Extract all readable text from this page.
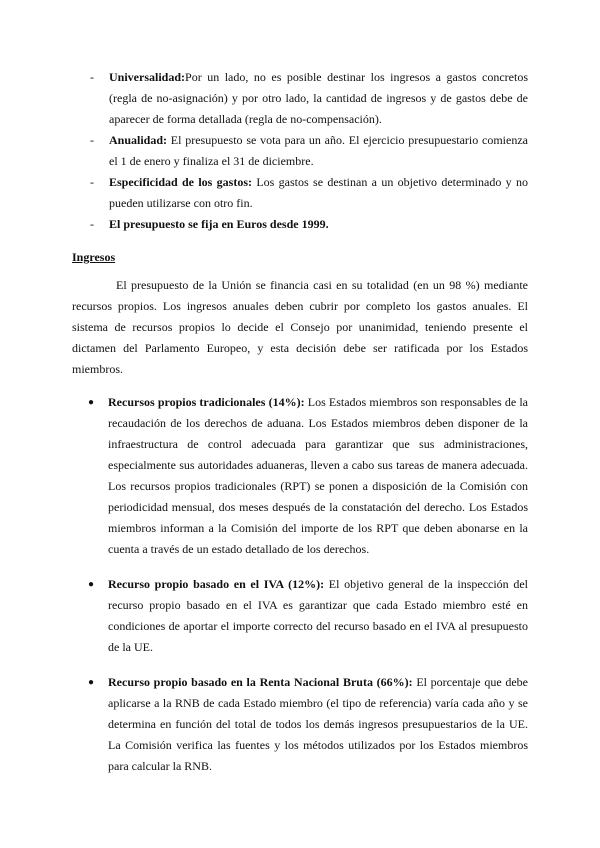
- Universalidad:Por un lado, no es posible destinar los ingresos a gastos concretos (regla de no-asignación) y por otro lado, la cantidad de ingresos y de gastos debe de aparecer de forma detallada (regla de no-compensación).
- Anualidad: El presupuesto se vota para un año. El ejercicio presupuestario comienza el 1 de enero y finaliza el 31 de diciembre.
- Especificidad de los gastos: Los gastos se destinan a un objetivo determinado y no pueden utilizarse con otro fin.
- El presupuesto se fija en Euros desde 1999.
Ingresos
El presupuesto de la Unión se financia casi en su totalidad (en un 98 %) mediante recursos propios. Los ingresos anuales deben cubrir por completo los gastos anuales. El sistema de recursos propios lo decide el Consejo por unanimidad, teniendo presente el dictamen del Parlamento Europeo, y esta decisión debe ser ratificada por los Estados miembros.
● Recursos propios tradicionales (14%): Los Estados miembros son responsables de la recaudación de los derechos de aduana. Los Estados miembros deben disponer de la infraestructura de control adecuada para garantizar que sus administraciones, especialmente sus autoridades aduaneras, lleven a cabo sus tareas de manera adecuada. Los recursos propios tradicionales (RPT) se ponen a disposición de la Comisión con periodicidad mensual, dos meses después de la constatación del derecho. Los Estados miembros informan a la Comisión del importe de los RPT que deben abonarse en la cuenta a través de un estado detallado de los derechos.
● Recurso propio basado en el IVA (12%): El objetivo general de la inspección del recurso propio basado en el IVA es garantizar que cada Estado miembro esté en condiciones de aportar el importe correcto del recurso basado en el IVA al presupuesto de la UE.
● Recurso propio basado en la Renta Nacional Bruta (66%): El porcentaje que debe aplicarse a la RNB de cada Estado miembro (el tipo de referencia) varía cada año y se determina en función del total de todos los demás ingresos presupuestarios de la UE. La Comisión verifica las fuentes y los métodos utilizados por los Estados miembros para calcular la RNB.
